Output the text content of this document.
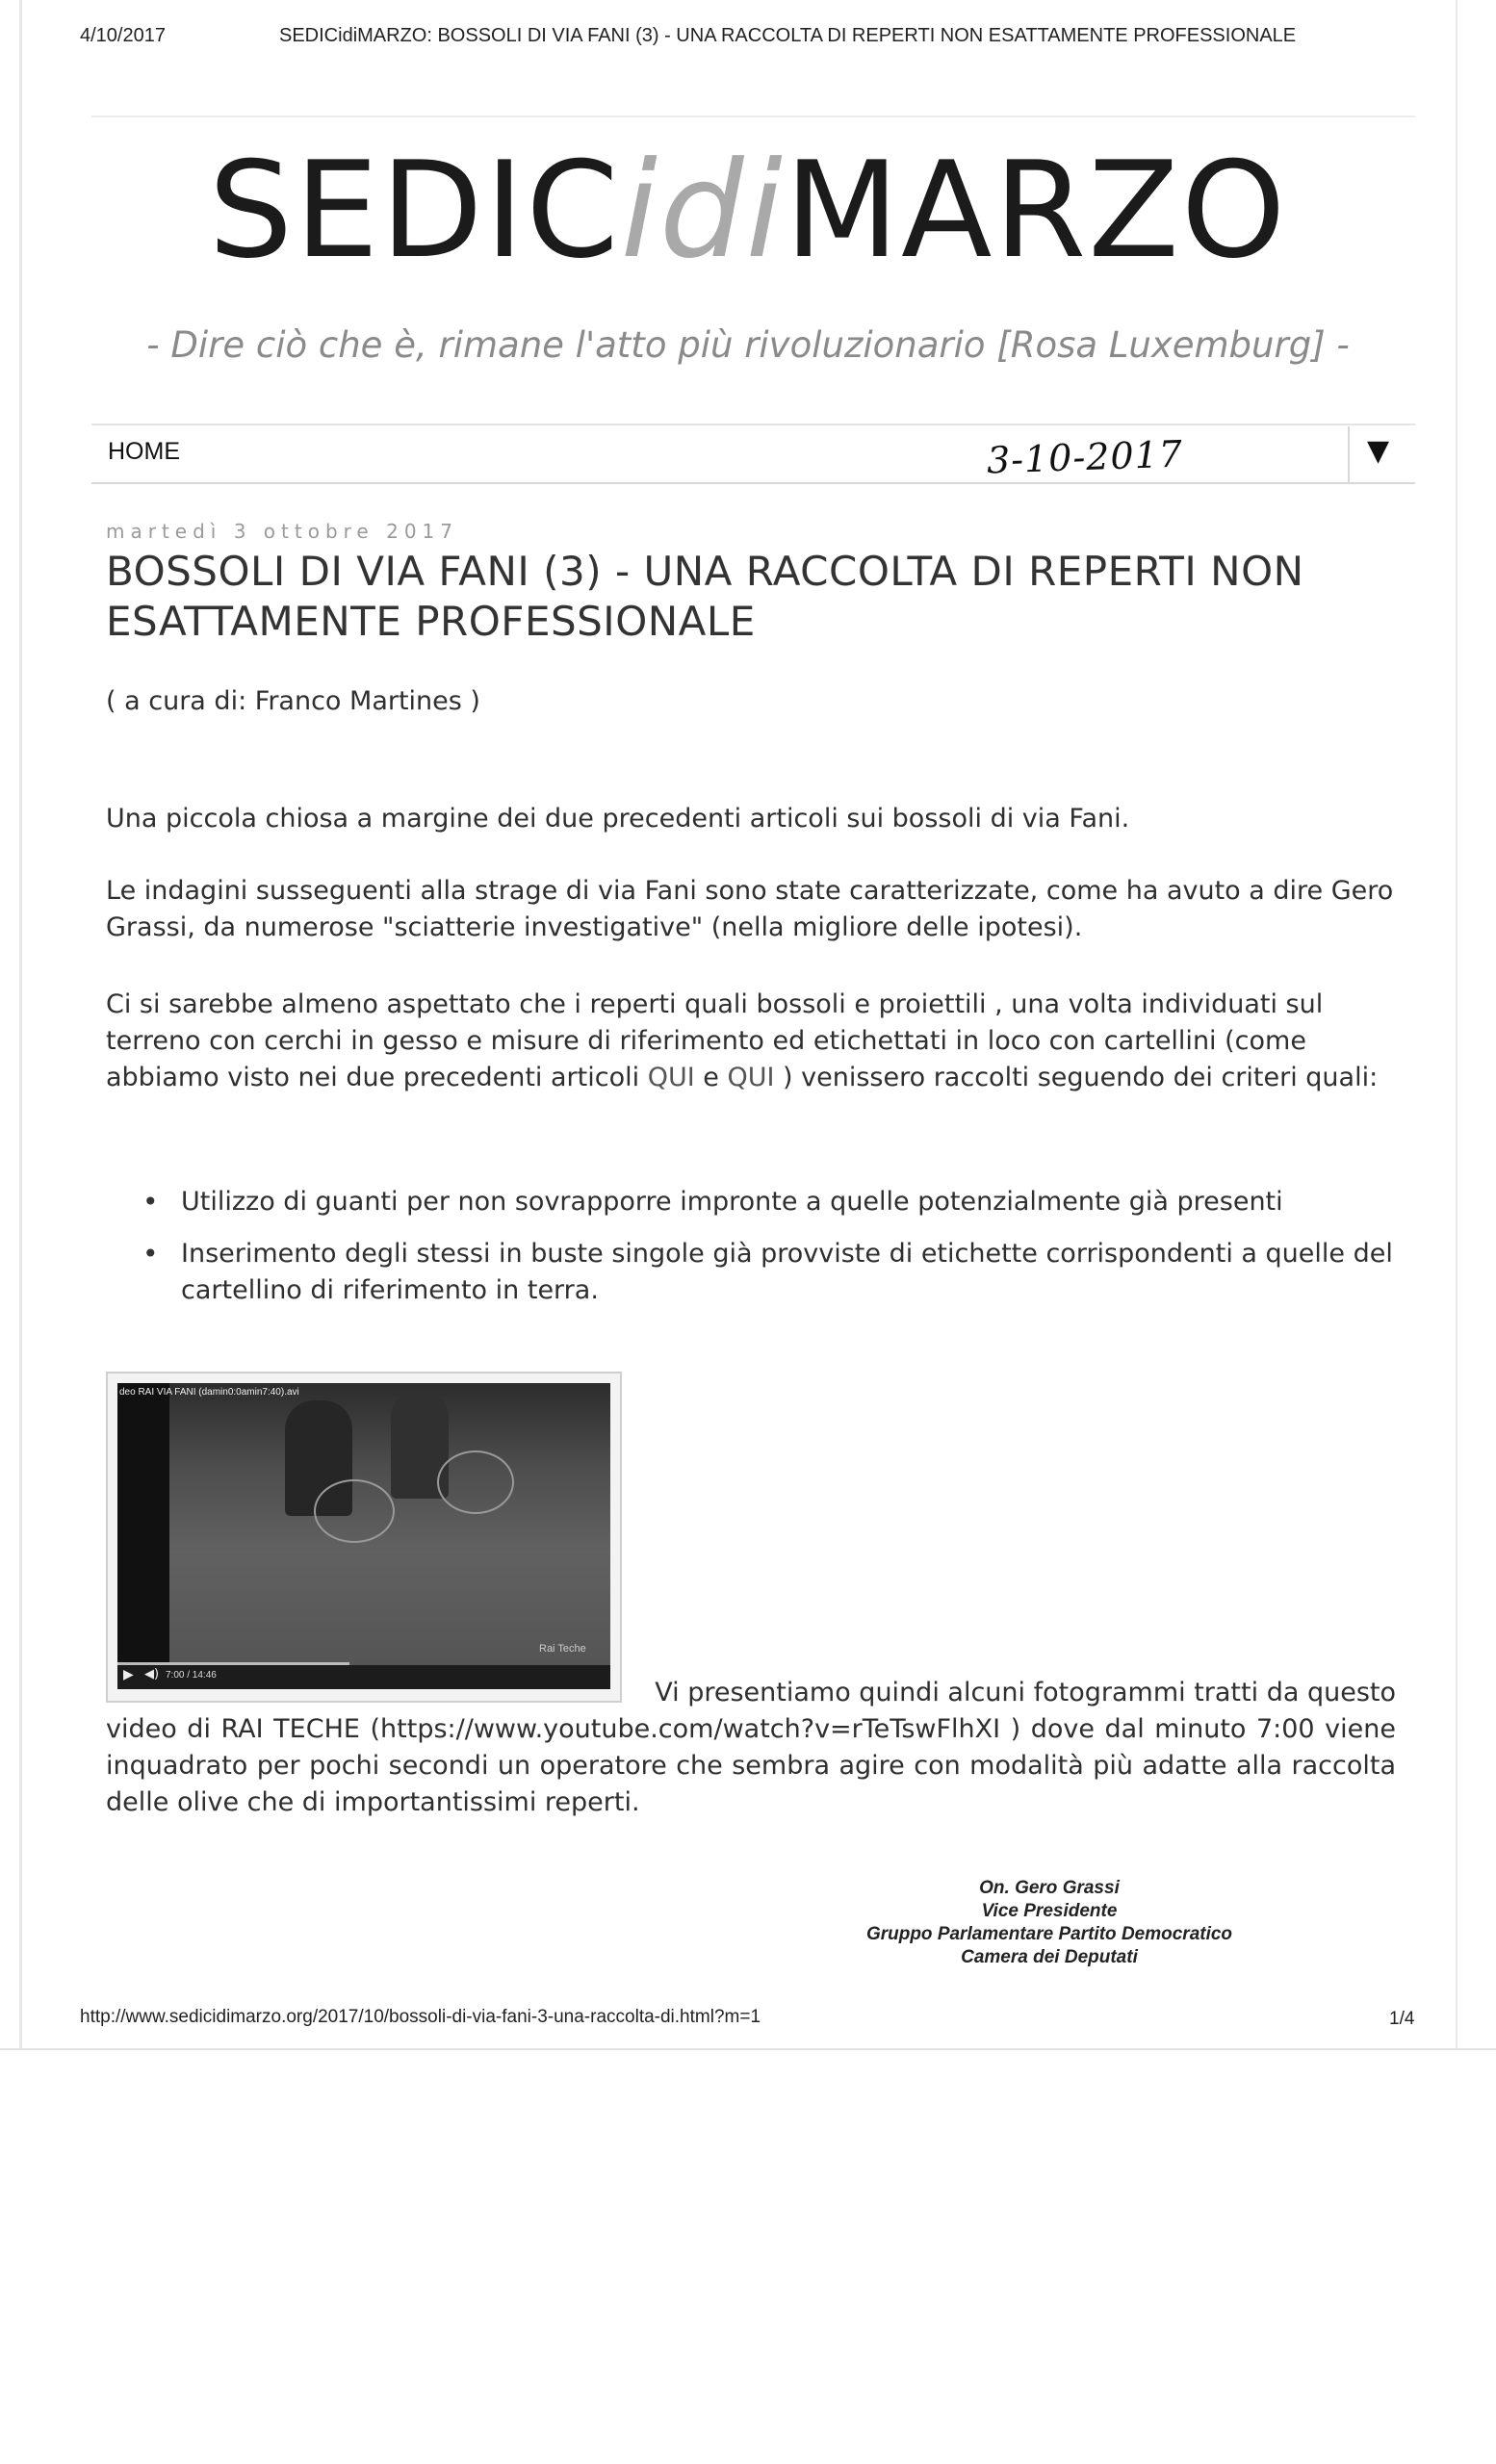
4/10/2017	SEDICidiMARZO: BOSSOLI DI VIA FANI (3) - UNA RACCOLTA DI REPERTI NON ESATTAMENTE PROFESSIONALE
SEDICidiMARZO
- Dire ciò che è, rimane l'atto più rivoluzionario [Rosa Luxemburg] -
HOME	3-10-2017	▼
martedì 3 ottobre 2017
BOSSOLI DI VIA FANI (3) - UNA RACCOLTA DI REPERTI NON ESATTAMENTE PROFESSIONALE

( a cura di: Franco Martines )

Una piccola chiosa a margine dei due precedenti articoli sui bossoli di via Fani.

Le indagini susseguenti alla strage di via Fani sono state caratterizzate, come ha avuto a dire Gero Grassi, da numerose "sciatterie investigative" (nella migliore delle ipotesi).

Ci si sarebbe almeno aspettato che i reperti quali bossoli e proiettili , una volta individuati sul terreno con cerchi in gesso e misure di riferimento ed etichettati in loco con cartellini (come abbiamo visto nei due precedenti articoli QUI e QUI ) venissero raccolti seguendo dei criteri quali:

• Utilizzo di guanti per non sovrapporre impronte a quelle potenzialmente già presenti
• Inserimento degli stessi in buste singole già provviste di etichette corrispondenti a quelle del cartellino di riferimento in terra.
Rai Teche
deo RAI VIA FANI (damin0:0amin7:40).avi
▶ ◀) 7:00 / 14:46
Vi presentiamo quindi alcuni fotogrammi tratti da questo
video di RAI TECHE (https://www.youtube.com/watch?v=rTeTswFlhXI ) dove dal minuto 7:00 viene inquadrato per pochi secondi un operatore che sembra agire con modalità più adatte alla raccolta delle olive che di importantissimi reperti.
On. Gero Grassi
Vice Presidente
Gruppo Parlamentare Partito Democratico
Camera dei Deputati
http://www.sedicidimarzo.org/2017/10/bossoli-di-via-fani-3-una-raccolta-di.html?m=1	1/4
